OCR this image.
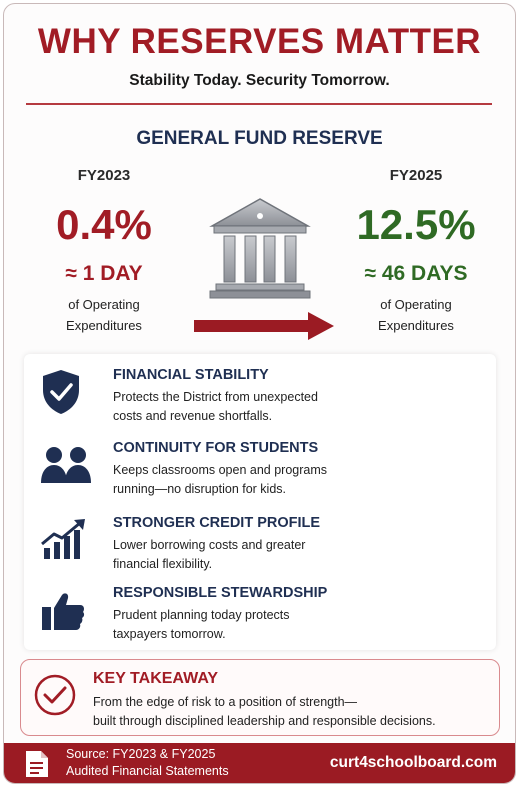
WHY RESERVES MATTER
Stability Today. Security Tomorrow.
GENERAL FUND RESERVE
FY2023
0.4%
≈ 1 DAY
of Operating
Expenditures
FY2025
12.5%
≈ 46 DAYS
of Operating
Expenditures
FINANCIAL STABILITY
Protects the District from unexpected
costs and revenue shortfalls.
CONTINUITY FOR STUDENTS
Keeps classrooms open and programs
running—no disruption for kids.
STRONGER CREDIT PROFILE
Lower borrowing costs and greater
financial flexibility.
RESPONSIBLE STEWARDSHIP
Prudent planning today protects
taxpayers tomorrow.
KEY TAKEAWAY
From the edge of risk to a position of strength—
built through disciplined leadership and responsible decisions.
Source: FY2023 & FY2025
Audited Financial Statements	curt4schoolboard.com
